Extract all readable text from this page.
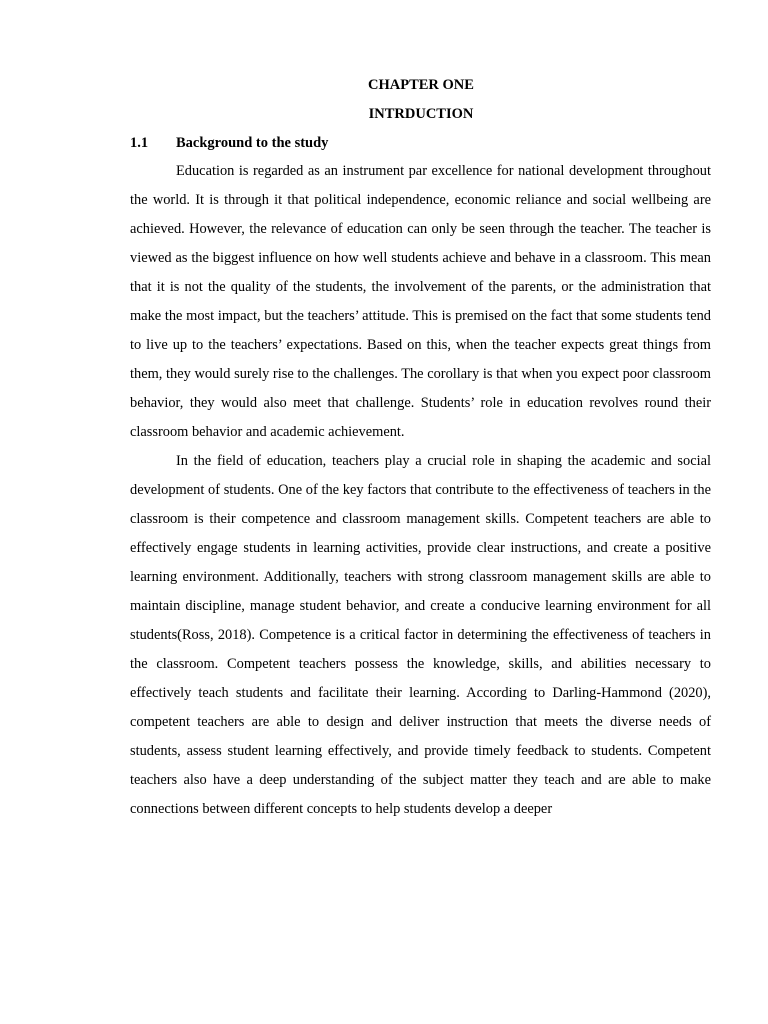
CHAPTER ONE
INTRDUCTION
1.1 Background to the study

Education is regarded as an instrument par excellence for national development throughout the world. It is through it that political independence, economic reliance and social wellbeing are achieved. However, the relevance of education can only be seen through the teacher. The teacher is viewed as the biggest influence on how well students achieve and behave in a classroom. This mean that it is not the quality of the students, the involvement of the parents, or the administration that make the most impact, but the teachers’ attitude. This is premised on the fact that some students tend to live up to the teachers’ expectations. Based on this, when the teacher expects great things from them, they would surely rise to the challenges. The corollary is that when you expect poor classroom behavior, they would also meet that challenge. Students’ role in education revolves round their classroom behavior and academic achievement.

In the field of education, teachers play a crucial role in shaping the academic and social development of students. One of the key factors that contribute to the effectiveness of teachers in the classroom is their competence and classroom management skills. Competent teachers are able to effectively engage students in learning activities, provide clear instructions, and create a positive learning environment. Additionally, teachers with strong classroom management skills are able to maintain discipline, manage student behavior, and create a conducive learning environment for all students(Ross, 2018). Competence is a critical factor in determining the effectiveness of teachers in the classroom. Competent teachers possess the knowledge, skills, and abilities necessary to effectively teach students and facilitate their learning. According to Darling-Hammond (2020), competent teachers are able to design and deliver instruction that meets the diverse needs of students, assess student learning effectively, and provide timely feedback to students. Competent teachers also have a deep understanding of the subject matter they teach and are able to make connections between different concepts to help students develop a deeper
